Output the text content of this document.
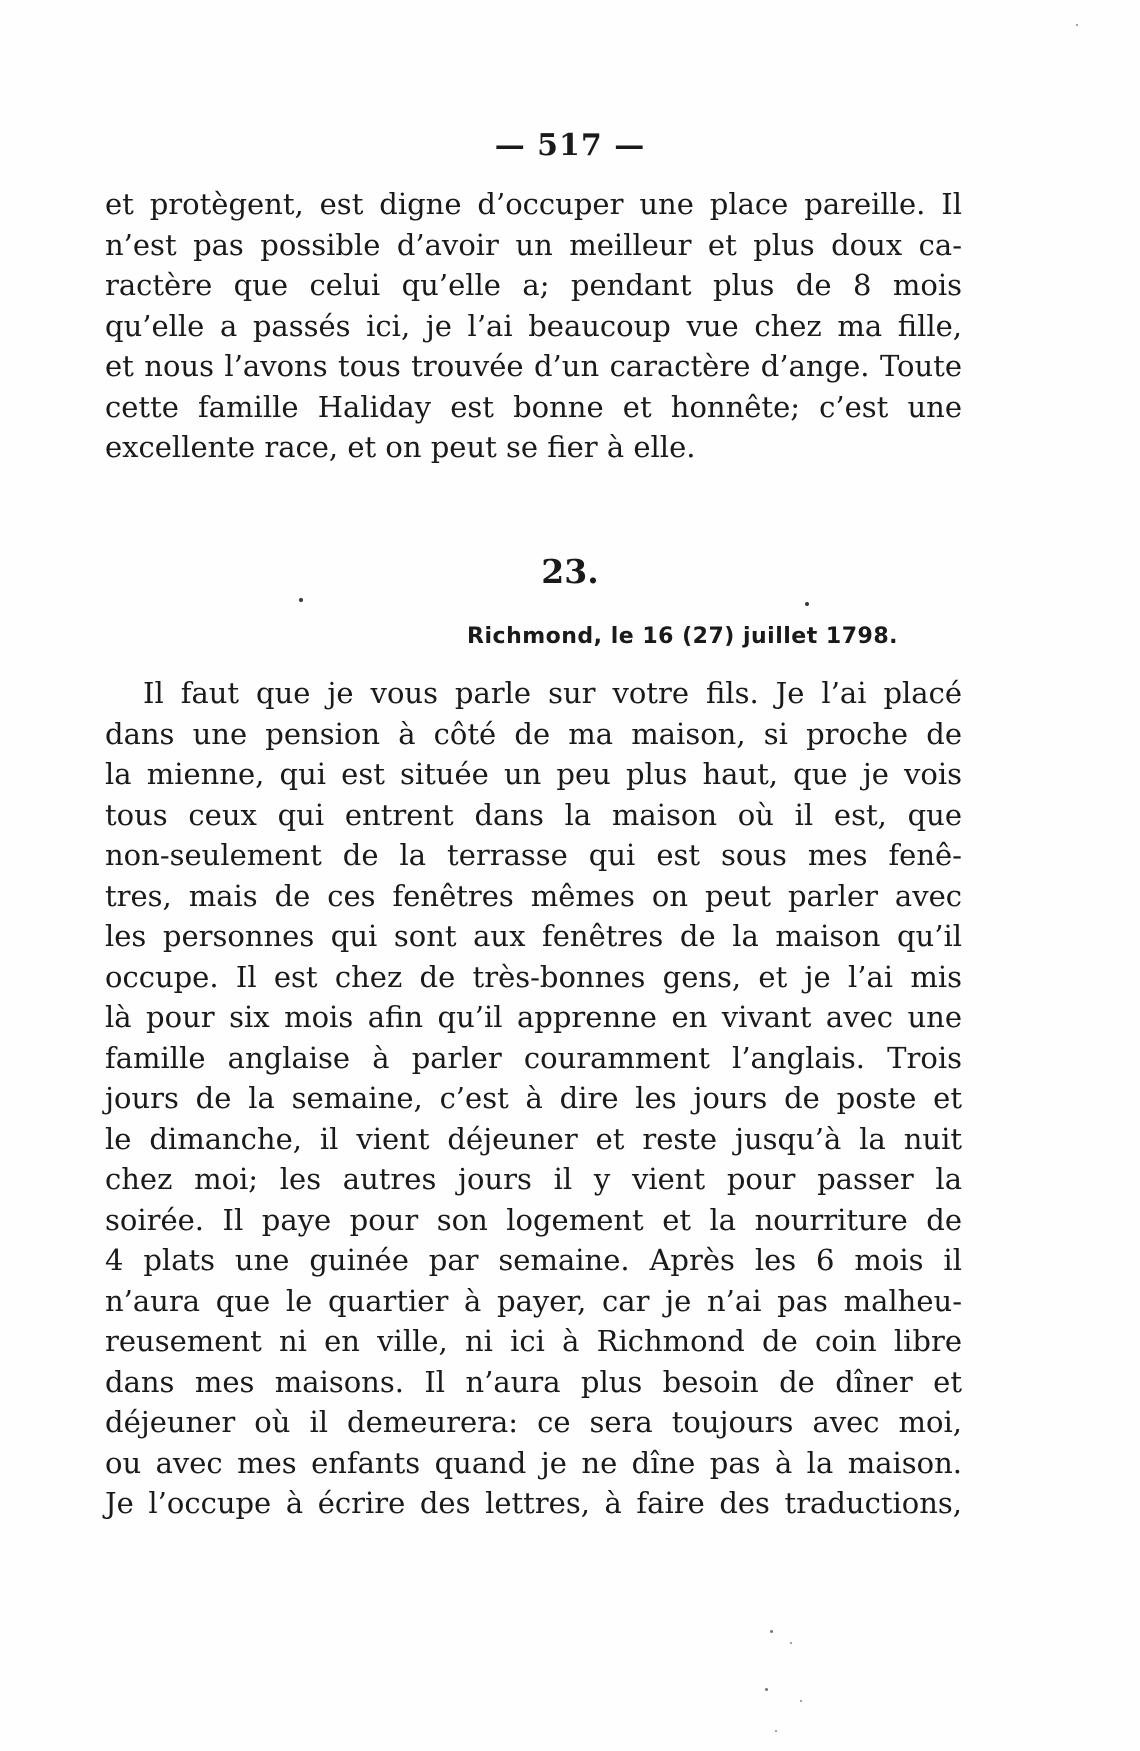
— 517 —
et protègent, est digne d’occuper une place pareille. Il
n’est pas possible d’avoir un meilleur et plus doux ca-
ractère que celui qu’elle a; pendant plus de 8 mois
qu’elle a passés ici, je l’ai beaucoup vue chez ma fille,
et nous l’avons tous trouvée d’un caractère d’ange. Toute
cette famille Haliday est bonne et honnête; c’est une
excellente race, et on peut se fier à elle.
23.
Richmond, le 16 (27) juillet 1798.
Il faut que je vous parle sur votre fils. Je l’ai placé
dans une pension à côté de ma maison, si proche de
la mienne, qui est située un peu plus haut, que je vois
tous ceux qui entrent dans la maison où il est, que
non-seulement de la terrasse qui est sous mes fenê-
tres, mais de ces fenêtres mêmes on peut parler avec
les personnes qui sont aux fenêtres de la maison qu’il
occupe. Il est chez de très-bonnes gens, et je l’ai mis
là pour six mois afin qu’il apprenne en vivant avec une
famille anglaise à parler couramment l’anglais. Trois
jours de la semaine, c’est à dire les jours de poste et
le dimanche, il vient déjeuner et reste jusqu’à la nuit
chez moi; les autres jours il y vient pour passer la
soirée. Il paye pour son logement et la nourriture de
4 plats une guinée par semaine. Après les 6 mois il
n’aura que le quartier à payer, car je n’ai pas malheu-
reusement ni en ville, ni ici à Richmond de coin libre
dans mes maisons. Il n’aura plus besoin de dîner et
déjeuner où il demeurera: ce sera toujours avec moi,
ou avec mes enfants quand je ne dîne pas à la maison.
Je l’occupe à écrire des lettres, à faire des traductions,
